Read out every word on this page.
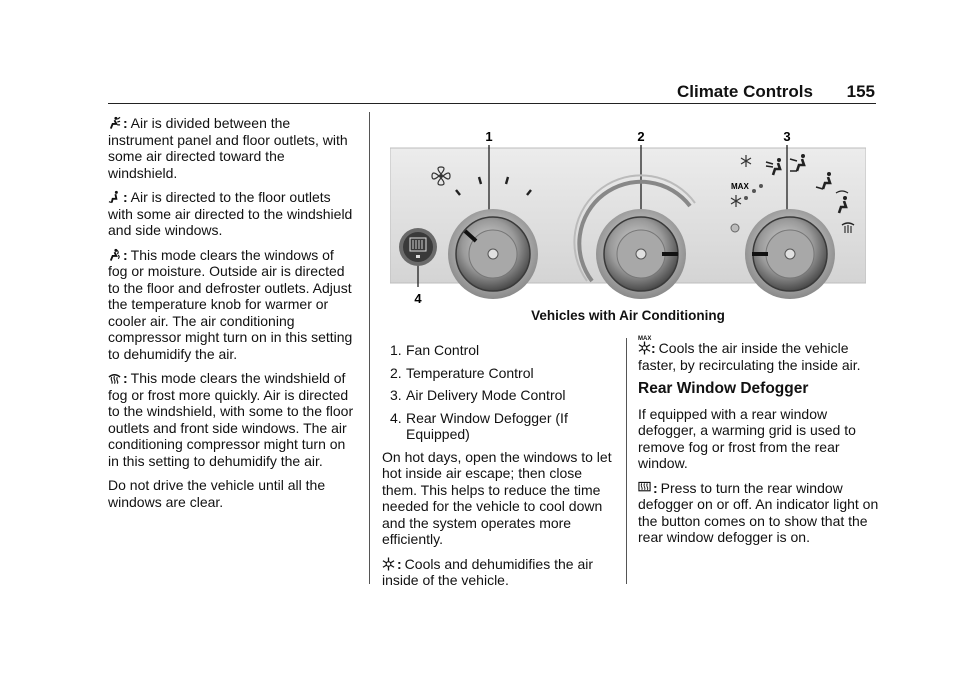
Climate Controls 155

: Air is divided between the instrument panel and floor outlets, with some air directed toward the windshield.

: Air is directed to the floor outlets with some air directed to the windshield and side windows.

: This mode clears the windows of fog or moisture. Outside air is directed to the floor and defroster outlets. Adjust the temperature knob for warmer or cooler air. The air conditioning compressor might turn on in this setting to dehumidify the air.

: This mode clears the windshield of fog or frost more quickly. Air is directed to the windshield, with some to the floor outlets and front side windows. The air conditioning compressor might turn on in this setting to dehumidify the air.

Do not drive the vehicle until all the windows are clear.

1	2	3
4
MAX
Vehicles with Air Conditioning
1. Fan Control
2. Temperature Control
3. Air Delivery Mode Control
4. Rear Window Defogger (If Equipped)

On hot days, open the windows to let hot inside air escape; then close them. This helps to reduce the time needed for the vehicle to cool down and the system operates more efficiently.

: Cools and dehumidifies the air inside of the vehicle.

MAX
: Cools the air inside the vehicle faster, by recirculating the inside air.

Rear Window Defogger

If equipped with a rear window defogger, a warming grid is used to remove fog or frost from the rear window.

: Press to turn the rear window defogger on or off. An indicator light on the button comes on to show that the rear window defogger is on.
